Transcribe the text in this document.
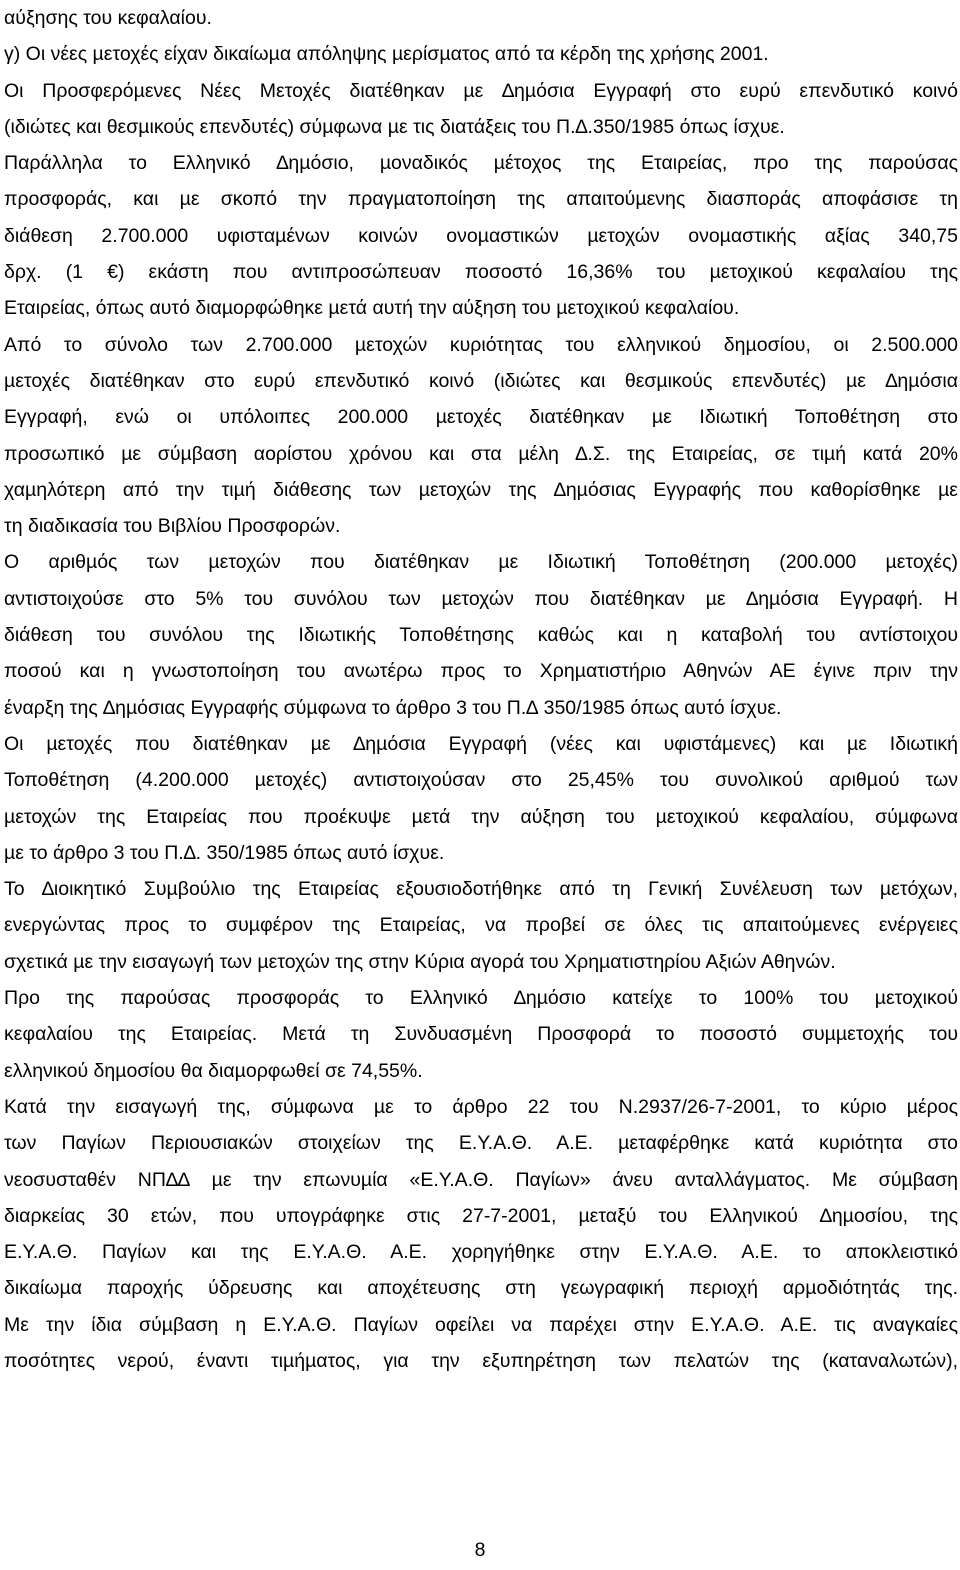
αύξησης του κεφαλαίου.
γ) Οι νέες µετοχές είχαν δικαίωµα απόληψης µερίσµατος από τα κέρδη της χρήσης 2001.
Οι Προσφερόµενες Νέες Μετοχές διατέθηκαν µε ∆ηµόσια Εγγραφή στο ευρύ επενδυτικό κοινό
(ιδιώτες και θεσµικούς επενδυτές) σύµφωνα µε τις διατάξεις του Π.∆.350/1985 όπως ίσχυε.
Παράλληλα το Ελληνικό ∆ηµόσιο, µοναδικός µέτοχος της Εταιρείας, προ της παρούσας
προσφοράς, και µε σκοπό την πραγµατοποίηση της απαιτούµενης διασποράς αποφάσισε τη
διάθεση 2.700.000 υφισταµένων κοινών ονοµαστικών µετοχών ονοµαστικής αξίας 340,75
δρχ. (1 €) εκάστη που αντιπροσώπευαν ποσοστό 16,36% του µετοχικού κεφαλαίου της
Εταιρείας, όπως αυτό διαµορφώθηκε µετά αυτή την αύξηση του µετοχικού κεφαλαίου.
Από το σύνολο των 2.700.000 µετοχών κυριότητας του ελληνικού δηµοσίου, οι 2.500.000
µετοχές διατέθηκαν στο ευρύ επενδυτικό κοινό (ιδιώτες και θεσµικούς επενδυτές) µε ∆ηµόσια
Εγγραφή, ενώ οι υπόλοιπες 200.000 µετοχές διατέθηκαν µε Ιδιωτική Τοποθέτηση στο
προσωπικό µε σύµβαση αορίστου χρόνου και στα µέλη ∆.Σ. της Εταιρείας, σε τιµή κατά 20%
χαµηλότερη από την τιµή διάθεσης των µετοχών της ∆ηµόσιας Εγγραφής που καθορίσθηκε µε
τη διαδικασία του Βιβλίου Προσφορών.
Ο αριθµός των µετοχών που διατέθηκαν µε Ιδιωτική Τοποθέτηση (200.000 µετοχές)
αντιστοιχούσε στο 5% του συνόλου των µετοχών που διατέθηκαν µε ∆ηµόσια Εγγραφή. Η
διάθεση του συνόλου της Ιδιωτικής Τοποθέτησης καθώς και η καταβολή του αντίστοιχου
ποσού και η γνωστοποίηση του ανωτέρω προς το Χρηµατιστήριο Αθηνών ΑΕ έγινε πριν την
έναρξη της ∆ηµόσιας Εγγραφής σύµφωνα το άρθρο 3 του Π.∆ 350/1985 όπως αυτό ίσχυε.
Οι µετοχές που διατέθηκαν µε ∆ηµόσια Εγγραφή (νέες και υφιστάµενες) και µε Ιδιωτική
Τοποθέτηση (4.200.000 µετοχές) αντιστοιχούσαν στο 25,45% του συνολικού αριθµού των
µετοχών της Εταιρείας που προέκυψε µετά την αύξηση του µετοχικού κεφαλαίου, σύµφωνα
µε το άρθρο 3 του Π.∆. 350/1985 όπως αυτό ίσχυε.
Το ∆ιοικητικό Συµβούλιο της Εταιρείας εξουσιοδοτήθηκε από τη Γενική Συνέλευση των µετόχων,
ενεργώντας προς το συµφέρον της Εταιρείας, να προβεί σε όλες τις απαιτούµενες ενέργειες
σχετικά µε την εισαγωγή των µετοχών της στην Κύρια αγορά του Χρηµατιστηρίου Αξιών Αθηνών.
Προ της παρούσας προσφοράς το Ελληνικό ∆ηµόσιο κατείχε το 100% του µετοχικού
κεφαλαίου της Εταιρείας. Μετά τη Συνδυασµένη Προσφορά το ποσοστό συµµετοχής του
ελληνικού δηµοσίου θα διαµορφωθεί σε 74,55%.
Κατά την εισαγωγή της, σύµφωνα µε το άρθρο 22 του Ν.2937/26-7-2001, το κύριο µέρος
των Παγίων Περιουσιακών στοιχείων της Ε.Υ.Α.Θ. Α.Ε. µεταφέρθηκε κατά κυριότητα στο
νεοσυσταθέν ΝΠ∆∆ µε την επωνυµία «Ε.Υ.Α.Θ. Παγίων» άνευ ανταλλάγµατος. Με σύµβαση
διαρκείας 30 ετών, που υπογράφηκε στις 27-7-2001, µεταξύ του Ελληνικού ∆ηµοσίου, της
Ε.Υ.Α.Θ. Παγίων και της Ε.Υ.Α.Θ. Α.Ε. χορηγήθηκε στην Ε.Υ.Α.Θ. Α.Ε. το αποκλειστικό
δικαίωµα παροχής ύδρευσης και αποχέτευσης στη γεωγραφική περιοχή αρµοδιότητάς της.
Με την ίδια σύµβαση η Ε.Υ.Α.Θ. Παγίων οφείλει να παρέχει στην Ε.Υ.Α.Θ. Α.Ε. τις αναγκαίες
ποσότητες νερού, έναντι τιµήµατος, για την εξυπηρέτηση των πελατών της (καταναλωτών),
8
